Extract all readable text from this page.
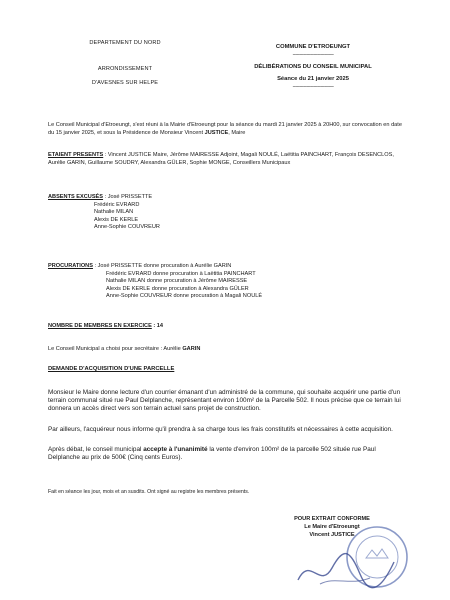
DEPARTEMENT DU NORD
ARRONDISSEMENT
D'AVESNES SUR HELPE
COMMUNE D'ETROEUNGT
-----------------------------------
DÉLIBÉRATIONS DU CONSEIL MUNICIPAL
Séance du 21 janvier 2025
-----------------------------------
Le Conseil Municipal d'Etroeungt, s'est réuni à la Mairie d'Etroeungt pour la séance du mardi 21 janvier 2025 à 20H00, sur convocation en date du 15 janvier 2025, et sous la Présidence de Monsieur Vincent JUSTICE, Maire
ETAIENT PRESENTS : Vincent JUSTICE Maire, Jérôme MAIRESSE Adjoint, Magali NOULÉ, Laëtitia PAINCHART, François DESENCLOS, Aurélie GARIN, Guillaume SOUDRY, Alexandra GÜLER, Sophie MONGE, Conseillers Municipaux
ABSENTS EXCUSÉS : José PRISSETTE
Frédéric EVRARD
Nathalie MILAN
Alexis DE KERLE
Anne-Sophie COUVREUR
PROCURATIONS : José PRISSETTE donne procuration à Aurélie GARIN
Frédéric EVRARD donne procuration à Laëtitia PAINCHART
Nathalie MILAN donne procuration à Jérôme MAIRESSE
Alexis DE KERLE donne procuration à Alexandra GÜLER
Anne-Sophie COUVREUR donne procuration à Magali NOULÉ
NOMBRE DE MEMBRES EN EXERCICE : 14
Le Conseil Municipal a choisi pour secrétaire : Aurélie GARIN
DEMANDE D'ACQUISITION D'UNE PARCELLE
Monsieur le Maire donne lecture d'un courrier émanant d'un administré de la commune, qui souhaite acquérir une partie d'un terrain communal situé rue Paul Delplanche, représentant environ 100m² de la Parcelle 502. Il nous précise que ce terrain lui donnera un accès direct vers son terrain actuel sans projet de construction.
Par ailleurs, l'acquéreur nous informe qu'il prendra à sa charge tous les frais constitutifs et nécessaires à cette acquisition.
Après débat, le conseil municipal accepte à l'unanimité la vente d'environ 100m² de la parcelle 502 située rue Paul Delplanche au prix de 500€ (Cinq cents Euros).
Fait en séance les jour, mois et an susdits. Ont signé au registre les membres présents.
POUR EXTRAIT CONFORME
Le Maire d'Etroeungt
Vincent JUSTICE
